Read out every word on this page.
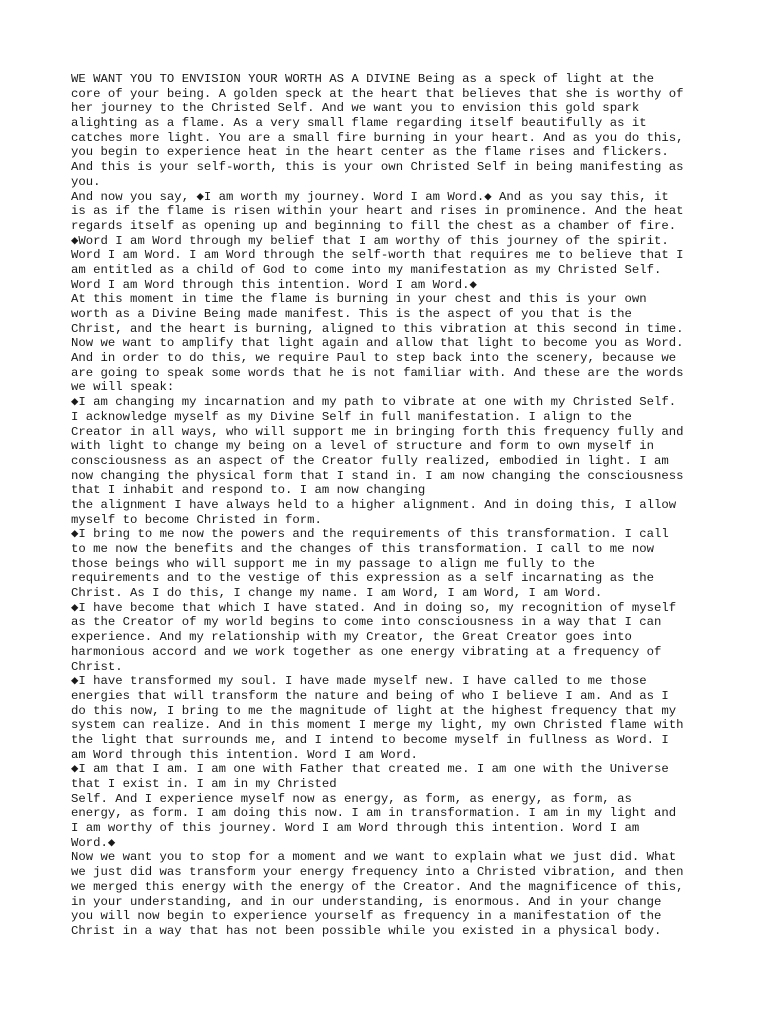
WE WANT YOU TO ENVISION YOUR WORTH AS A DIVINE Being as a speck of light at the
core of your being. A golden speck at the heart that believes that she is worthy of
her journey to the Christed Self. And we want you to envision this gold spark
alighting as a flame. As a very small flame regarding itself beautifully as it
catches more light. You are a small fire burning in your heart. And as you do this,
you begin to experience heat in the heart center as the flame rises and flickers.
And this is your self-worth, this is your own Christed Self in being manifesting as
you.
And now you say, ◆I am worth my journey. Word I am Word.◆ And as you say this, it
is as if the flame is risen within your heart and rises in prominence. And the heat
regards itself as opening up and beginning to fill the chest as a chamber of fire.
◆Word I am Word through my belief that I am worthy of this journey of the spirit.
Word I am Word. I am Word through the self-worth that requires me to believe that I
am entitled as a child of God to come into my manifestation as my Christed Self.
Word I am Word through this intention. Word I am Word.◆
At this moment in time the flame is burning in your chest and this is your own
worth as a Divine Being made manifest. This is the aspect of you that is the
Christ, and the heart is burning, aligned to this vibration at this second in time.
Now we want to amplify that light again and allow that light to become you as Word.
And in order to do this, we require Paul to step back into the scenery, because we
are going to speak some words that he is not familiar with. And these are the words
we will speak:
◆I am changing my incarnation and my path to vibrate at one with my Christed Self.
I acknowledge myself as my Divine Self in full manifestation. I align to the
Creator in all ways, who will support me in bringing forth this frequency fully and
with light to change my being on a level of structure and form to own myself in
consciousness as an aspect of the Creator fully realized, embodied in light. I am
now changing the physical form that I stand in. I am now changing the consciousness
that I inhabit and respond to. I am now changing
the alignment I have always held to a higher alignment. And in doing this, I allow
myself to become Christed in form.
◆I bring to me now the powers and the requirements of this transformation. I call
to me now the benefits and the changes of this transformation. I call to me now
those beings who will support me in my passage to align me fully to the
requirements and to the vestige of this expression as a self incarnating as the
Christ. As I do this, I change my name. I am Word, I am Word, I am Word.
◆I have become that which I have stated. And in doing so, my recognition of myself
as the Creator of my world begins to come into consciousness in a way that I can
experience. And my relationship with my Creator, the Great Creator goes into
harmonious accord and we work together as one energy vibrating at a frequency of
Christ.
◆I have transformed my soul. I have made myself new. I have called to me those
energies that will transform the nature and being of who I believe I am. And as I
do this now, I bring to me the magnitude of light at the highest frequency that my
system can realize. And in this moment I merge my light, my own Christed flame with
the light that surrounds me, and I intend to become myself in fullness as Word. I
am Word through this intention. Word I am Word.
◆I am that I am. I am one with Father that created me. I am one with the Universe
that I exist in. I am in my Christed
Self. And I experience myself now as energy, as form, as energy, as form, as
energy, as form. I am doing this now. I am in transformation. I am in my light and
I am worthy of this journey. Word I am Word through this intention. Word I am
Word.◆
Now we want you to stop for a moment and we want to explain what we just did. What
we just did was transform your energy frequency into a Christed vibration, and then
we merged this energy with the energy of the Creator. And the magnificence of this,
in your understanding, and in our understanding, is enormous. And in your change
you will now begin to experience yourself as frequency in a manifestation of the
Christ in a way that has not been possible while you existed in a physical body.
